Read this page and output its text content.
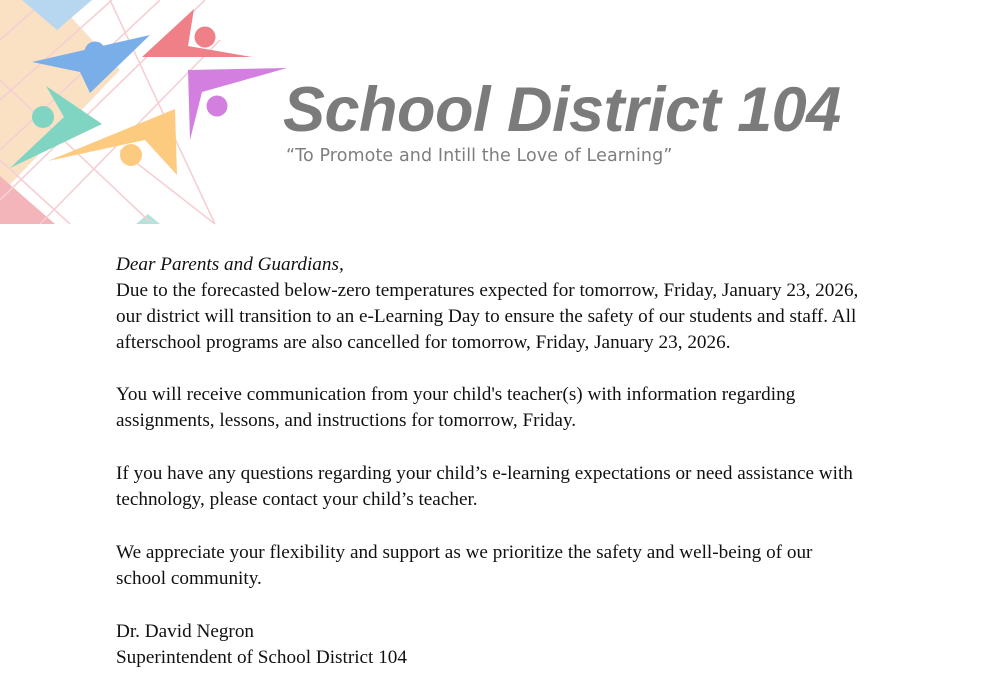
School District 104
“To Promote and Intill the Love of Learning”
Dear Parents and Guardians,
Due to the forecasted below-zero temperatures expected for tomorrow, Friday, January 23, 2026,
our district will transition to an e-Learning Day to ensure the safety of our students and staff. All
afterschool programs are also cancelled for tomorrow, Friday, January 23, 2026.
You will receive communication from your child's teacher(s) with information regarding
assignments, lessons, and instructions for tomorrow, Friday.
If you have any questions regarding your child’s e-learning expectations or need assistance with
technology, please contact your child’s teacher.
We appreciate your flexibility and support as we prioritize the safety and well-being of our
school community.
Dr. David Negron
Superintendent of School District 104
